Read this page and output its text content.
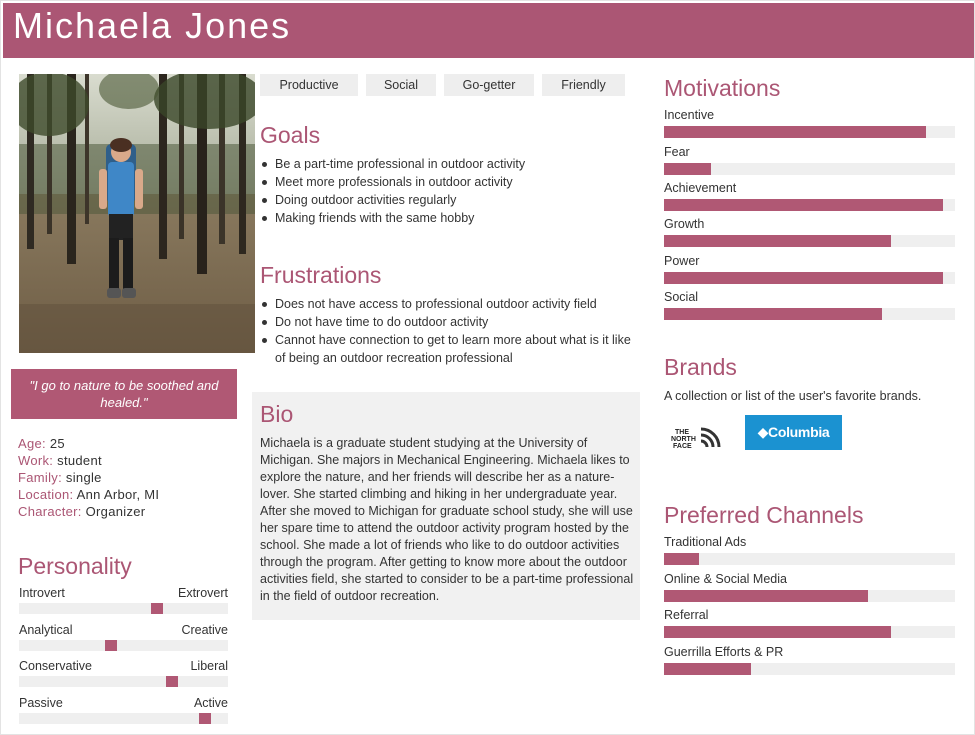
Michaela Jones
"I go to nature to be soothed and healed."
Age: 25
Work: student
Family: single
Location: Ann Arbor, MI
Character: Organizer
Personality
Introvert	Extrovert
Analytical	Creative
Conservative	Liberal
Passive	Active
Productive	Social	Go-getter	Friendly
Goals
Be a part-time professional in outdoor activity
Meet more professionals in outdoor activity
Doing outdoor activities regularly
Making friends with the same hobby
Frustrations
Does not have access to professional outdoor activity field
Do not have time to do outdoor activity
Cannot have connection to get to learn more about what is it like of being an outdoor recreation professional
Bio

Michaela is a graduate student studying at the University of Michigan. She majors in Mechanical Engineering. Michaela likes to explore the nature, and her friends will describe her as a nature-lover. She started climbing and hiking in her undergraduate year. After she moved to Michigan for graduate school study, she will use her spare time to attend the outdoor activity program hosted by the school. She made a lot of friends who like to do outdoor activities through the program. After getting to know more about the outdoor activities field, she started to consider to be a part-time professional in the field of outdoor recreation.

Motivations
Incentive
Fear
Achievement
Growth
Power
Social
Brands

A collection or list of the user's favorite brands.

THE
NORTH
FACE
◆Columbia
Preferred Channels
Traditional Ads
Online & Social Media
Referral
Guerrilla Efforts & PR
